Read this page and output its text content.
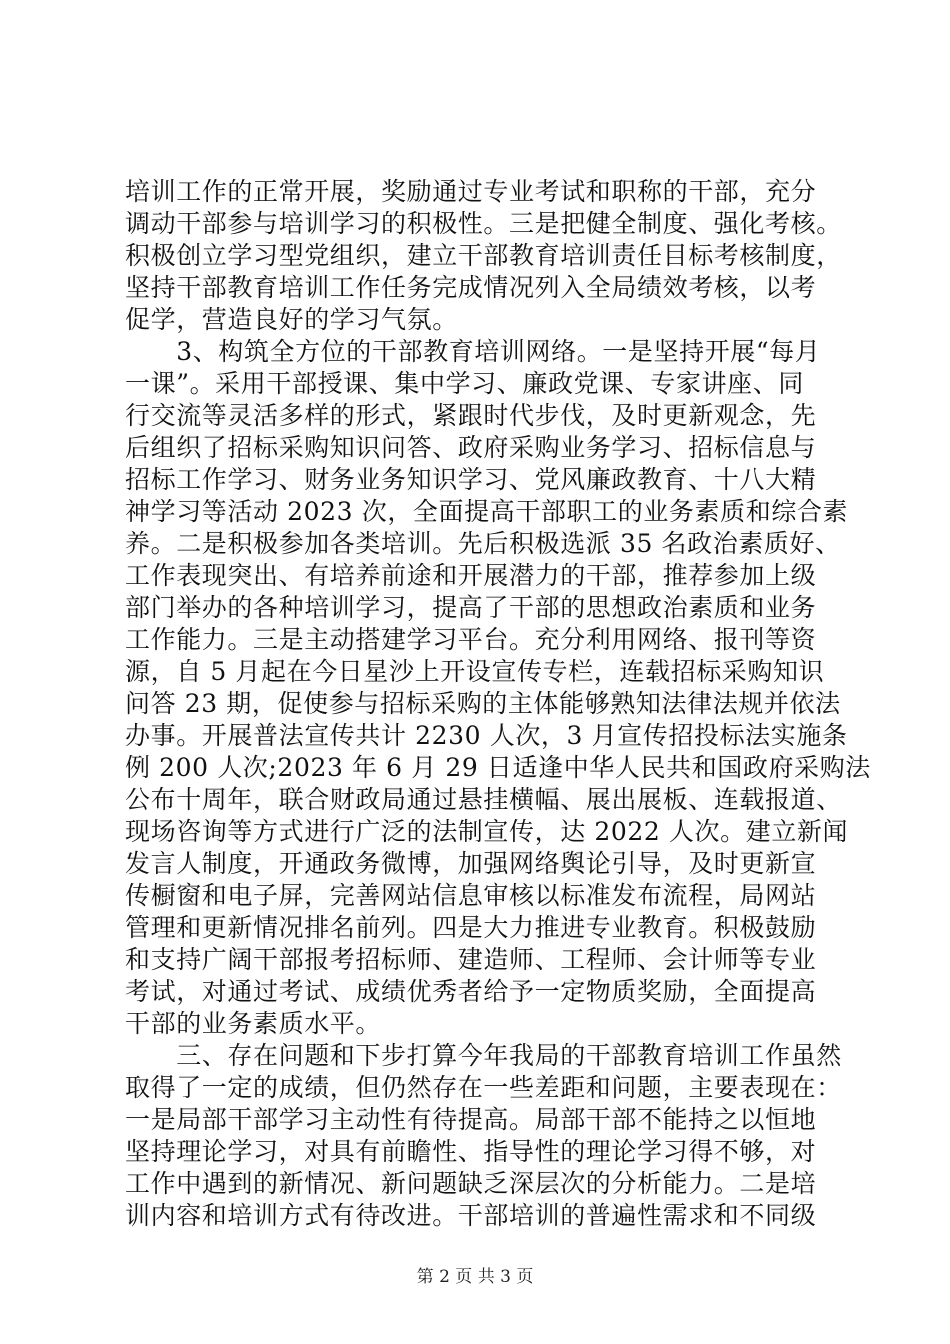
培训工作的正常开展，奖励通过专业考试和职称的干部，充分
调动干部参与培训学习的积极性。三是把健全制度、强化考核。
积极创立学习型党组织，建立干部教育培训责任目标考核制度，
坚持干部教育培训工作任务完成情况列入全局绩效考核，以考
促学，营造良好的学习气氛。
　　3、构筑全方位的干部教育培训网络。一是坚持开展“每月
一课”。采用干部授课、集中学习、廉政党课、专家讲座、同
行交流等灵活多样的形式，紧跟时代步伐，及时更新观念，先
后组织了招标采购知识问答、政府采购业务学习、招标信息与
招标工作学习、财务业务知识学习、党风廉政教育、十八大精
神学习等活动 2023 次，全面提高干部职工的业务素质和综合素
养。二是积极参加各类培训。先后积极选派 35 名政治素质好、
工作表现突出、有培养前途和开展潜力的干部，推荐参加上级
部门举办的各种培训学习，提高了干部的思想政治素质和业务
工作能力。三是主动搭建学习平台。充分利用网络、报刊等资
源，自 5 月起在今日星沙上开设宣传专栏，连载招标采购知识
问答 23 期，促使参与招标采购的主体能够熟知法律法规并依法
办事。开展普法宣传共计 2230 人次，3 月宣传招投标法实施条
例 200 人次;2023 年 6 月 29 日适逢中华人民共和国政府采购法
公布十周年，联合财政局通过悬挂横幅、展出展板、连载报道、
现场咨询等方式进行广泛的法制宣传，达 2022 人次。建立新闻
发言人制度，开通政务微博，加强网络舆论引导，及时更新宣
传橱窗和电子屏，完善网站信息审核以标准发布流程，局网站
管理和更新情况排名前列。四是大力推进专业教育。积极鼓励
和支持广阔干部报考招标师、建造师、工程师、会计师等专业
考试，对通过考试、成绩优秀者给予一定物质奖励，全面提高
干部的业务素质水平。
　　三、存在问题和下步打算今年我局的干部教育培训工作虽然
取得了一定的成绩，但仍然存在一些差距和问题，主要表现在：
一是局部干部学习主动性有待提高。局部干部不能持之以恒地
坚持理论学习，对具有前瞻性、指导性的理论学习得不够，对
工作中遇到的新情况、新问题缺乏深层次的分析能力。二是培
训内容和培训方式有待改进。干部培训的普遍性需求和不同级
第 2 页 共 3 页
